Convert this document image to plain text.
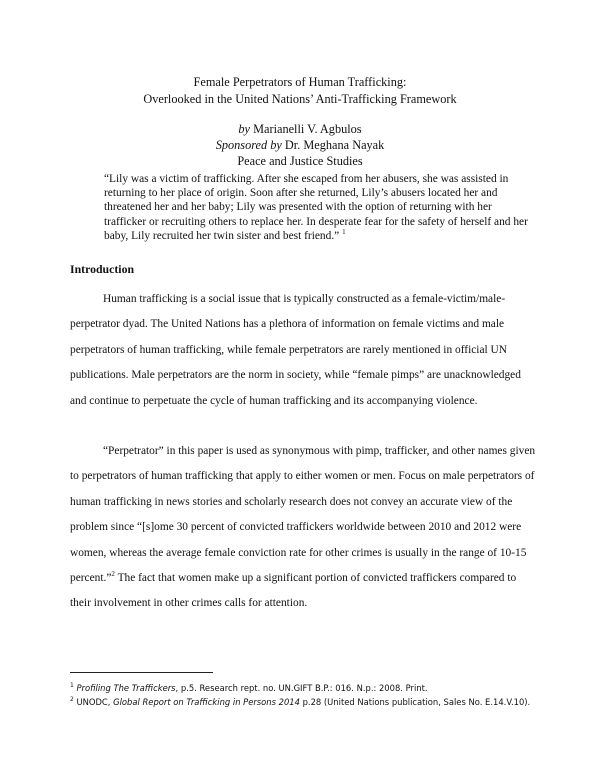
Female Perpetrators of Human Trafficking:
Overlooked in the United Nations’ Anti-Trafficking Framework
by Marianelli V. Agbulos
Sponsored by Dr. Meghana Nayak
Peace and Justice Studies
“Lily was a victim of trafficking. After she escaped from her abusers, she was assisted in returning to her place of origin. Soon after she returned, Lily’s abusers located her and threatened her and her baby; Lily was presented with the option of returning with her trafficker or recruiting others to replace her. In desperate fear for the safety of herself and her baby, Lily recruited her twin sister and best friend.” $^1$
Introduction

Human trafficking is a social issue that is typically constructed as a female-victim/male-perpetrator dyad. The United Nations has a plethora of information on female victims and male perpetrators of human trafficking, while female perpetrators are rarely mentioned in official UN publications. Male perpetrators are the norm in society, while “female pimps” are unacknowledged and continue to perpetuate the cycle of human trafficking and its accompanying violence.

“Perpetrator” in this paper is used as synonymous with pimp, trafficker, and other names given to perpetrators of human trafficking that apply to either women or men. Focus on male perpetrators of human trafficking in news stories and scholarly research does not convey an accurate view of the problem since “[s]ome 30 percent of convicted traffickers worldwide between 2010 and 2012 were women, whereas the average female conviction rate for other crimes is usually in the range of 10-15 percent.”$^2$ The fact that women make up a significant portion of convicted traffickers compared to their involvement in other crimes calls for attention.

$^1$ Profiling The Traffickers, p.5. Research rept. no. UN.GIFT B.P.: 016. N.p.: 2008. Print.
$^2$ UNODC, Global Report on Trafficking in Persons 2014 p.28 (United Nations publication, Sales No. E.14.V.10).
